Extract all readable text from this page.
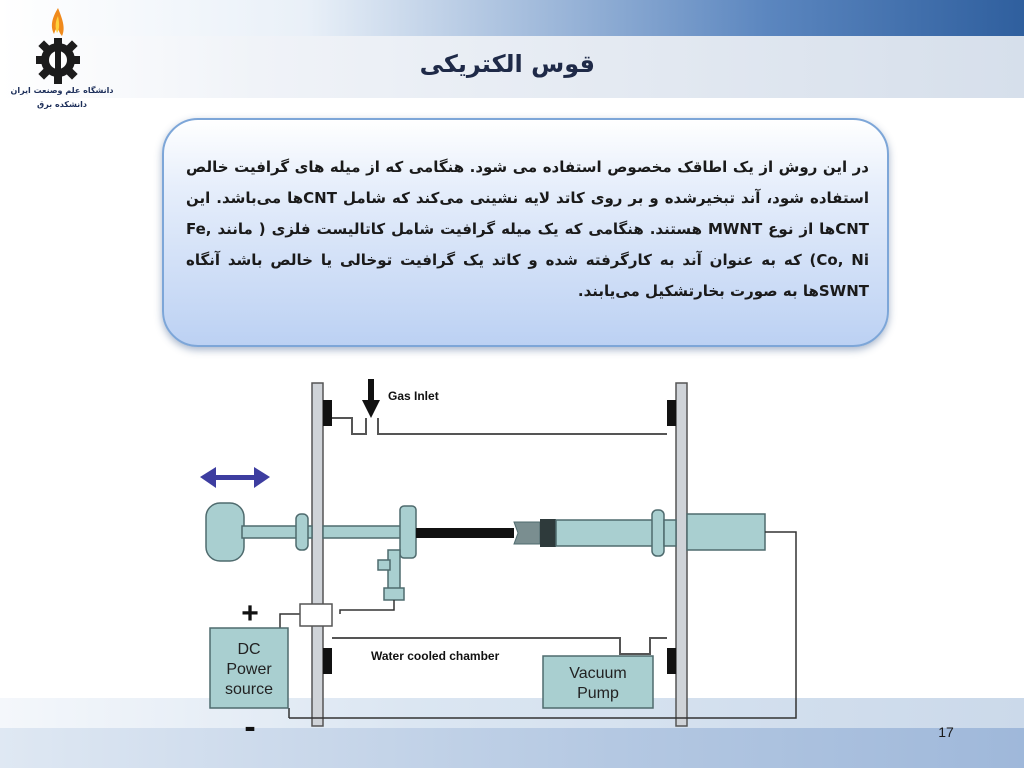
دانشگاه علم وصنعت ایران
دانشکده برق
قوس الکتریکی
در این روش از یک اطاقک مخصوص استفاده می شود. هنگامی که از میله های گرافیت خالص استفاده شود، آند تبخیرشده و بر روی کاتد لایه نشینی می‌کند که شامل CNTها می‌باشد. این CNTها از نوع MWNT هستند. هنگامی که یک میله گرافیت شامل کاتالیست فلزی ( مانند Fe, Co, Ni) که به عنوان آند به کارگرفته شده و کاتد یک گرافیت توخالی یا خالص باشد آنگاه SWNTها به صورت بخارتشکیل می‌یابند.
Gas Inlet
Water cooled chamber
DC
Power
source
+
-
Vacuum
Pump
17
